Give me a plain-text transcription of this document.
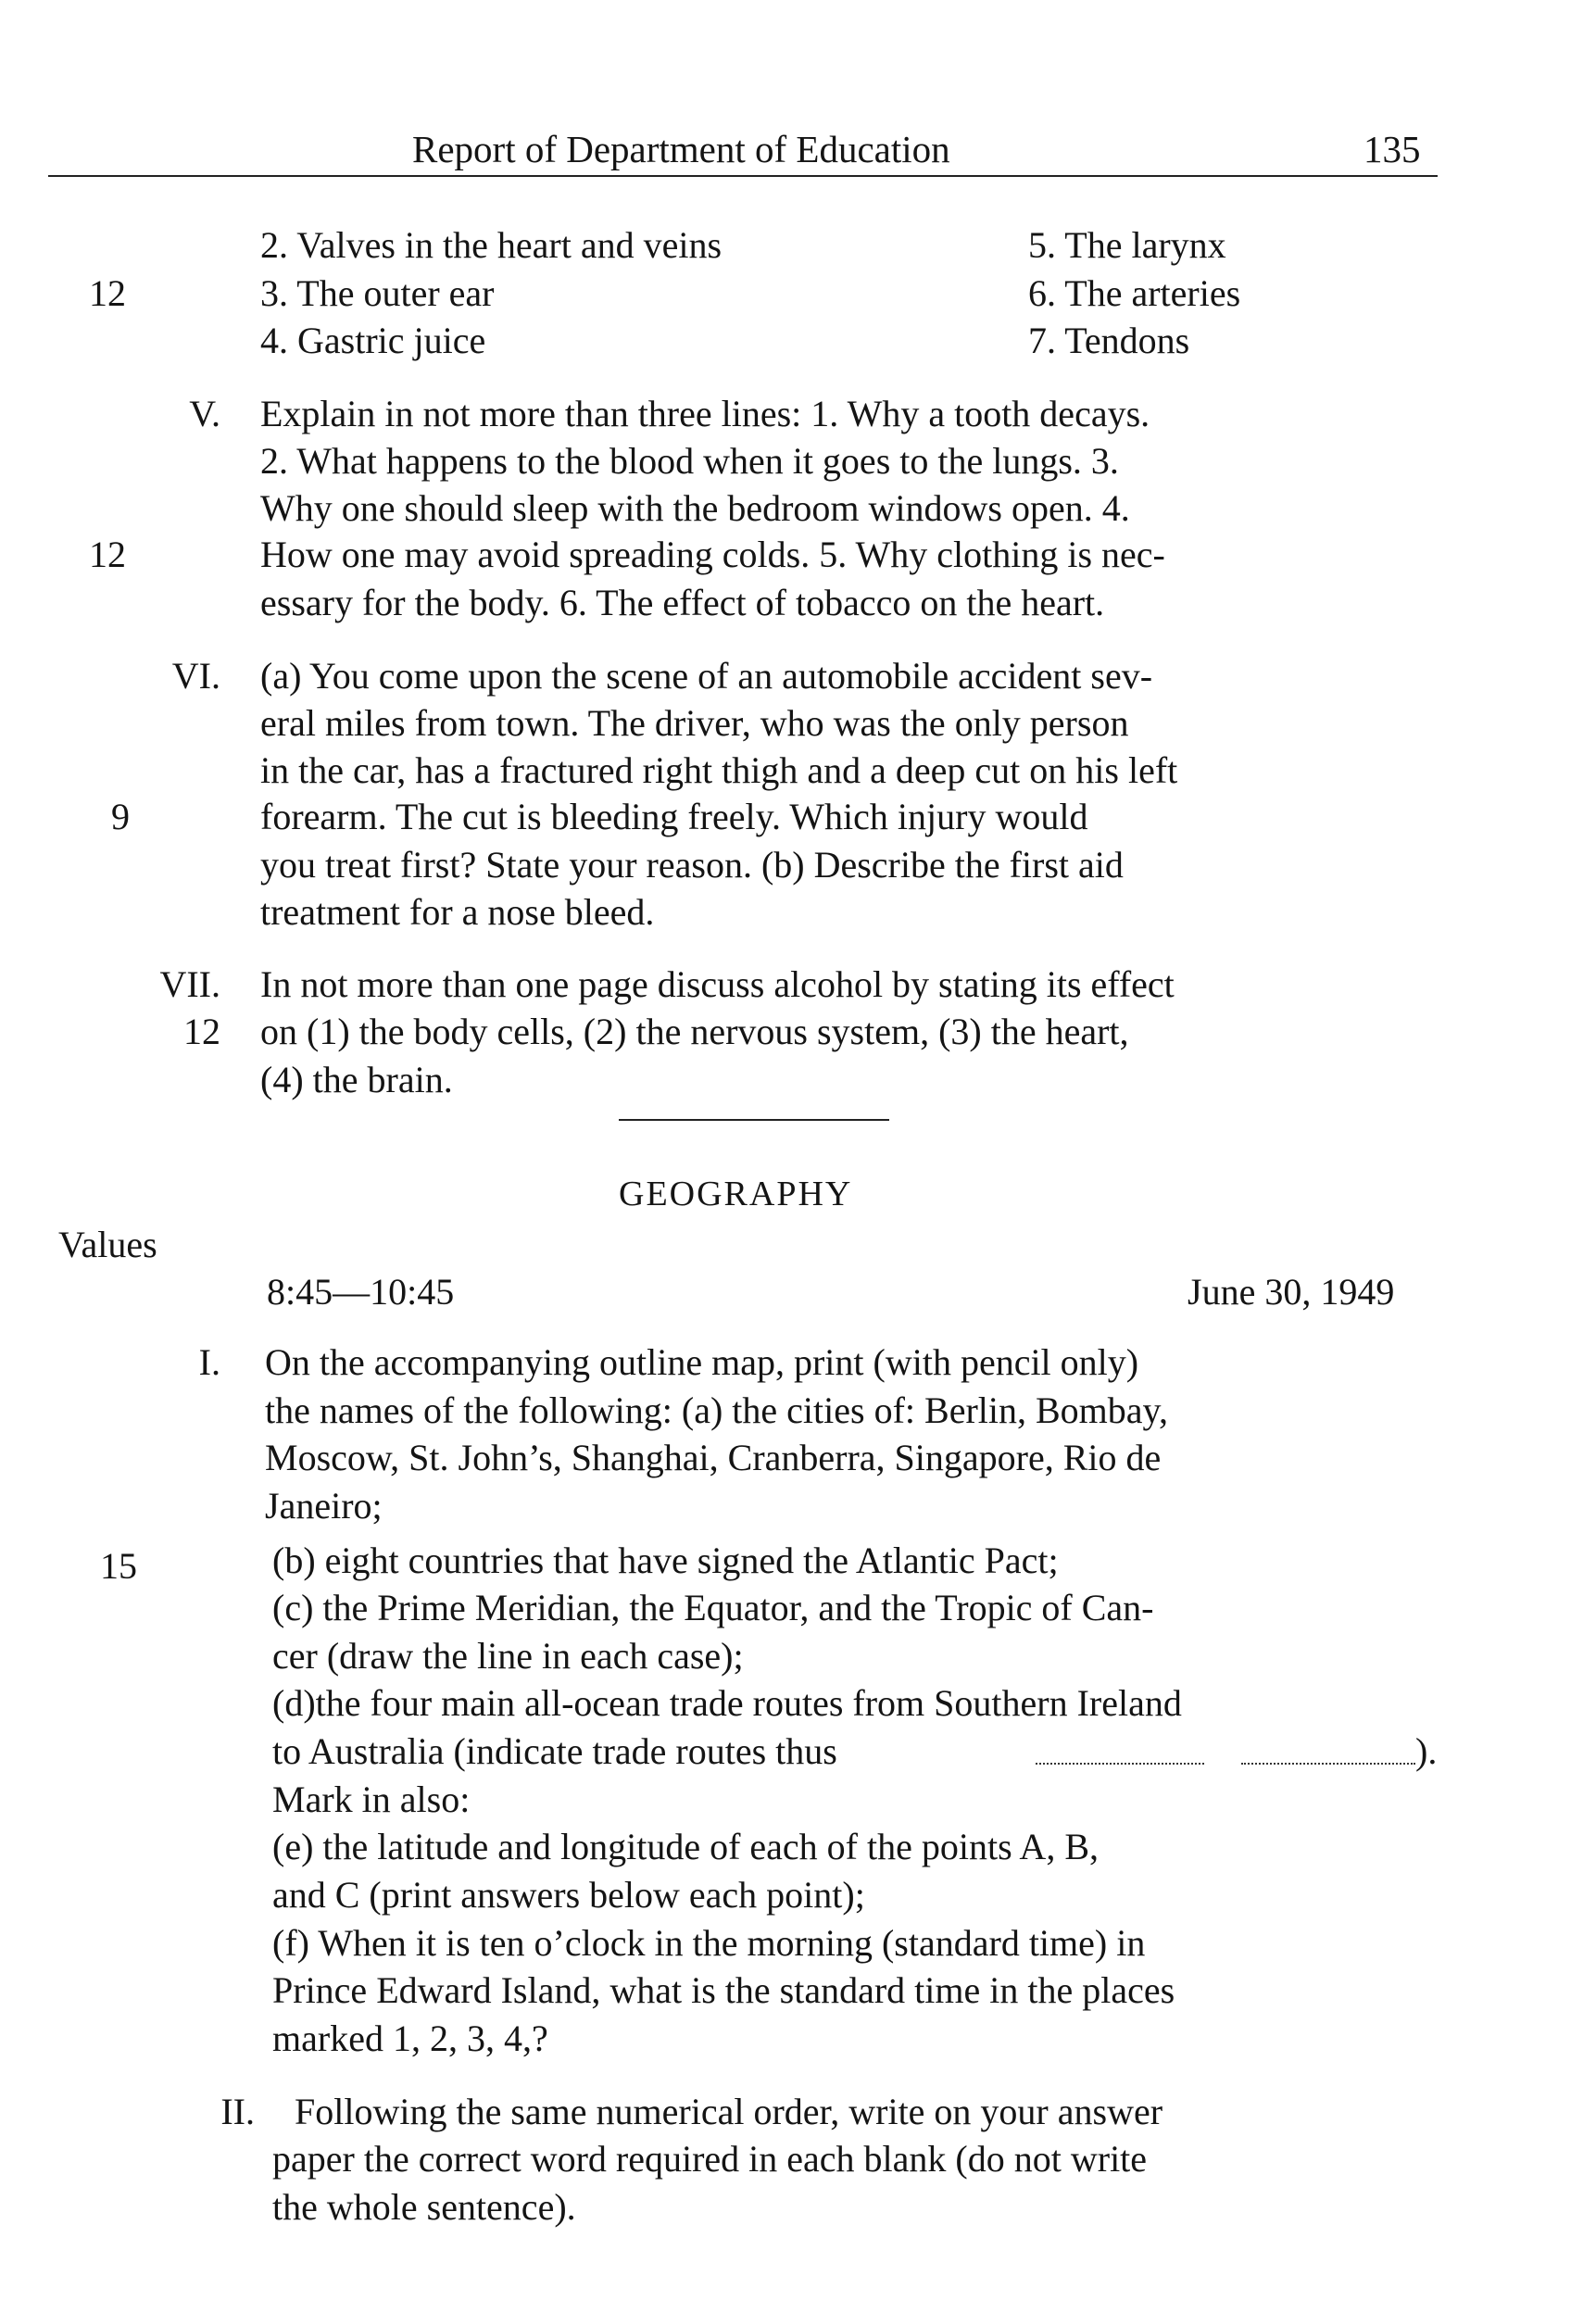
Report of Department of Education	135
2. Valves in the heart and veins
3. The outer ear
4. Gastric juice
5. The larynx
6. The arteries
7. Tendons
12
V.
12
Explain in not more than three lines: 1. Why a tooth decays.
2. What happens to the blood when it goes to the lungs. 3.
Why one should sleep with the bedroom windows open. 4.
How one may avoid spreading colds. 5. Why clothing is nec-
essary for the body. 6. The effect of tobacco on the heart.
VI.
9
(a) You come upon the scene of an automobile accident sev-
eral miles from town. The driver, who was the only person
in the car, has a fractured right thigh and a deep cut on his left
forearm. The cut is bleeding freely. Which injury would
you treat first? State your reason. (b) Describe the first aid
treatment for a nose bleed.
VII.
12
In not more than one page discuss alcohol by stating its effect
on (1) the body cells, (2) the nervous system, (3) the heart,
(4) the brain.
GEOGRAPHY
Values
8:45—10:45	June 30, 1949
I.
15
On the accompanying outline map, print (with pencil only)
the names of the following: (a) the cities of: Berlin, Bombay,
Moscow, St. John’s, Shanghai, Cranberra, Singapore, Rio de
Janeiro;
(b) eight countries that have signed the Atlantic Pact;
(c) the Prime Meridian, the Equator, and the Tropic of Can-
cer (draw the line in each case);
(d)the four main all-ocean trade routes from Southern Ireland
to Australia (indicate trade routes thus	).
Mark in also:
(e) the latitude and longitude of each of the points A, B,
and C (print answers below each point);
(f) When it is ten o’clock in the morning (standard time) in
Prince Edward Island, what is the standard time in the places
marked 1, 2, 3, 4,?
II. Following the same numerical order, write on your answer
paper the correct word required in each blank (do not write
the whole sentence).
